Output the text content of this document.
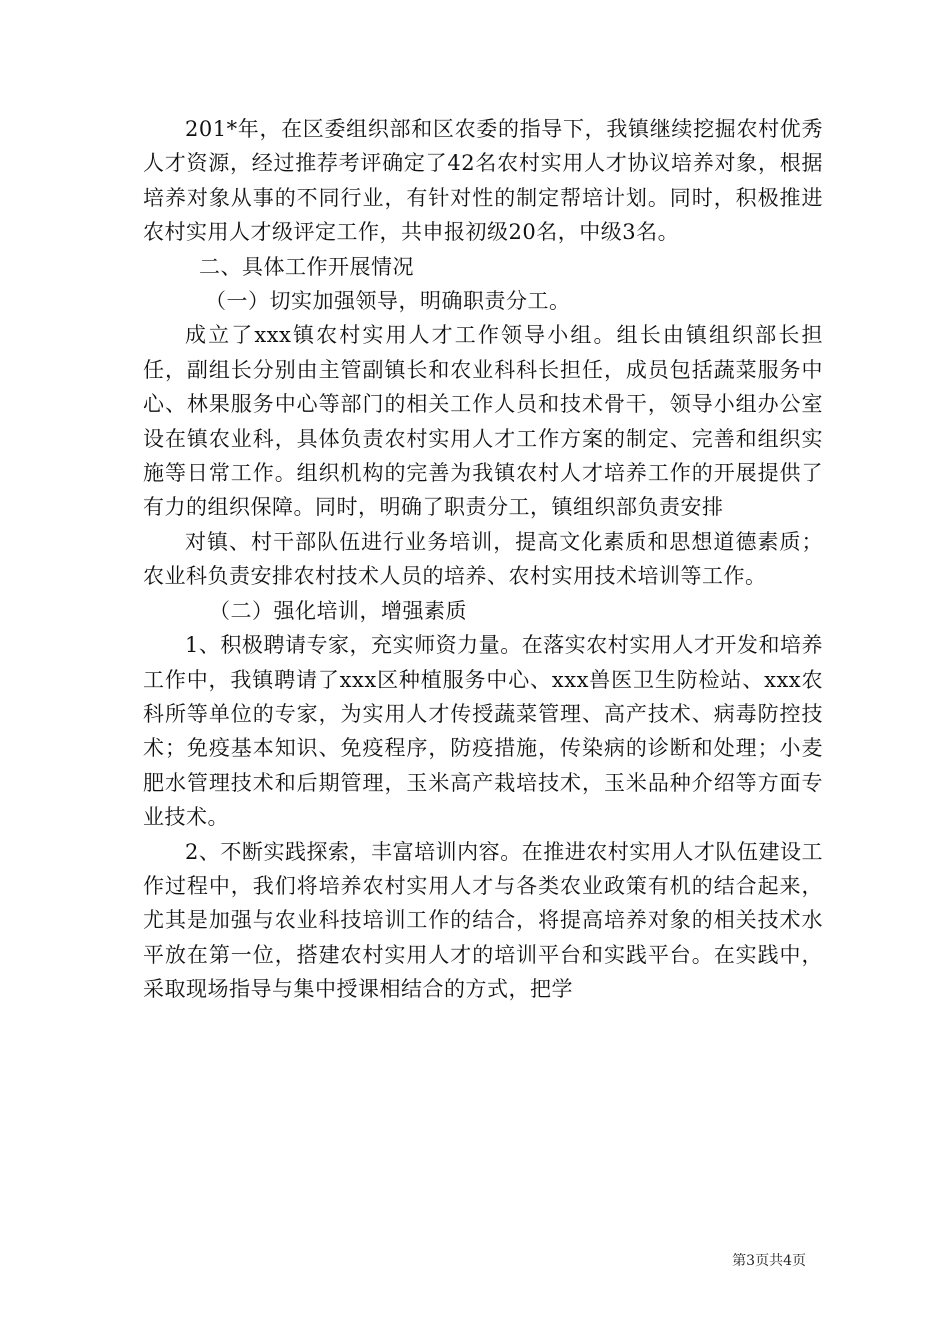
201*年，在区委组织部和区农委的指导下，我镇继续挖掘农村优秀人才资源，经过推荐考评确定了42名农村实用人才协议培养对象，根据培养对象从事的不同行业，有针对性的制定帮培计划。同时，积极推进农村实用人才级评定工作，共申报初级20名，中级3名。

二、具体工作开展情况

（一）切实加强领导，明确职责分工。

成立了xxx镇农村实用人才工作领导小组。组长由镇组织部长担任，副组长分别由主管副镇长和农业科科长担任，成员包括蔬菜服务中心、林果服务中心等部门的相关工作人员和技术骨干，领导小组办公室设在镇农业科，具体负责农村实用人才工作方案的制定、完善和组织实施等日常工作。组织机构的完善为我镇农村人才培养工作的开展提供了有力的组织保障。同时，明确了职责分工，镇组织部负责安排

对镇、村干部队伍进行业务培训，提高文化素质和思想道德素质；农业科负责安排农村技术人员的培养、农村实用技术培训等工作。

（二）强化培训，增强素质

1、积极聘请专家，充实师资力量。在落实农村实用人才开发和培养工作中，我镇聘请了xxx区种植服务中心、xxx兽医卫生防检站、xxx农科所等单位的专家，为实用人才传授蔬菜管理、高产技术、病毒防控技术；免疫基本知识、免疫程序，防疫措施，传染病的诊断和处理；小麦肥水管理技术和后期管理，玉米高产栽培技术，玉米品种介绍等方面专业技术。

2、不断实践探索，丰富培训内容。在推进农村实用人才队伍建设工作过程中，我们将培养农村实用人才与各类农业政策有机的结合起来，尤其是加强与农业科技培训工作的结合，将提高培养对象的相关技术水平放在第一位，搭建农村实用人才的培训平台和实践平台。在实践中，采取现场指导与集中授课相结合的方式，把学

第3页共4页
